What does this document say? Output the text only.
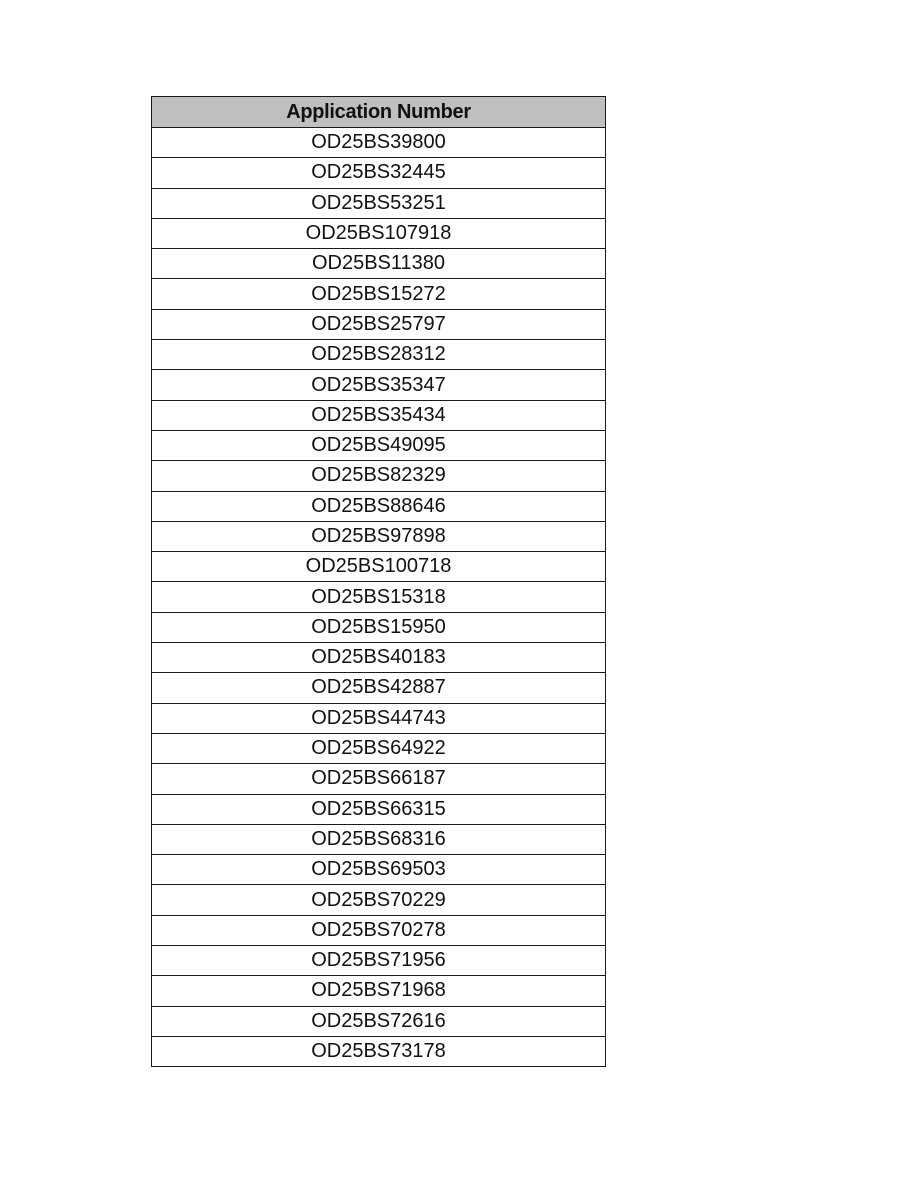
Application Number
OD25BS39800
OD25BS32445
OD25BS53251
OD25BS107918
OD25BS11380
OD25BS15272
OD25BS25797
OD25BS28312
OD25BS35347
OD25BS35434
OD25BS49095
OD25BS82329
OD25BS88646
OD25BS97898
OD25BS100718
OD25BS15318
OD25BS15950
OD25BS40183
OD25BS42887
OD25BS44743
OD25BS64922
OD25BS66187
OD25BS66315
OD25BS68316
OD25BS69503
OD25BS70229
OD25BS70278
OD25BS71956
OD25BS71968
OD25BS72616
OD25BS73178
